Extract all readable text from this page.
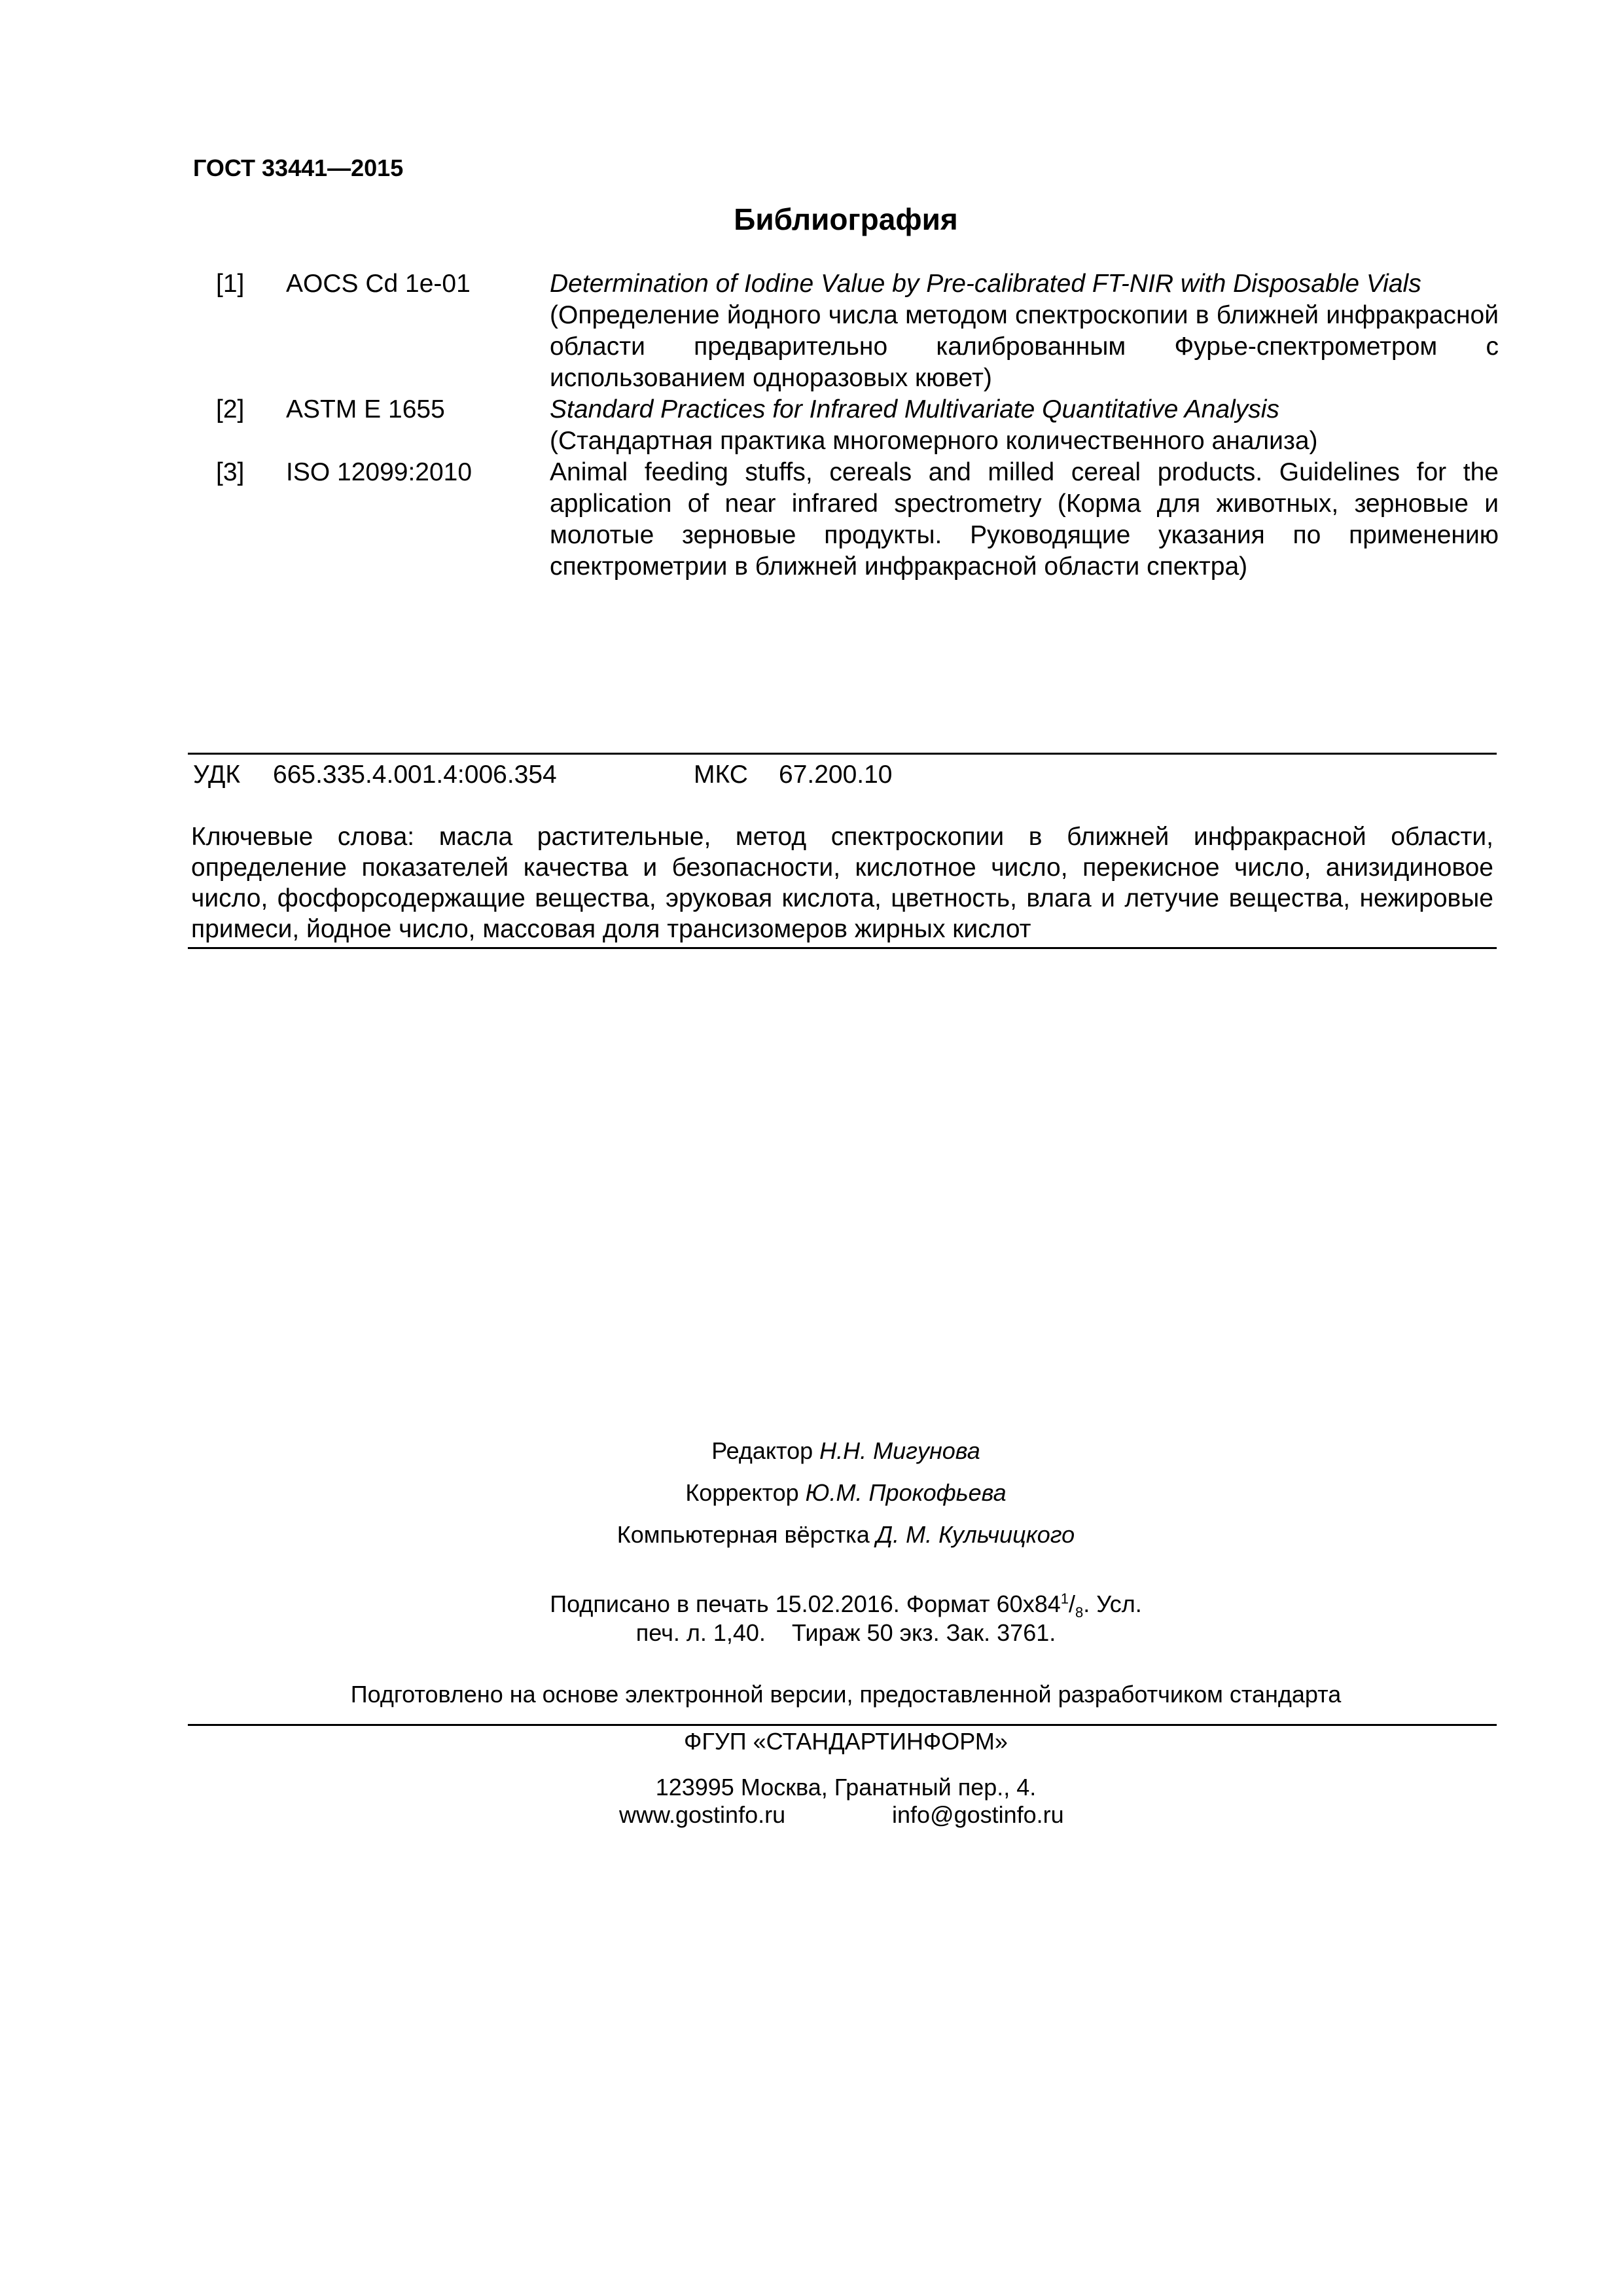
ГОСТ 33441—2015
Библиография
[1] AOCS Cd 1e-01	Determination of Iodine Value by Pre-calibrated FT-NIR with Disposable Vials
(Определение йодного числа методом спектроскопии в ближней инфракрасной области предварительно калиброванным Фурье-спектрометром с использованием одноразовых кювет)
[2] ASTM E 1655	Standard Practices for Infrared Multivariate Quantitative Analysis
(Стандартная практика многомерного количественного анализа)
[3] ISO 12099:2010	Animal feeding stuffs, cereals and milled cereal products. Guidelines for the application of near infrared spectrometry (Корма для животных, зерновые и молотые зерновые продукты. Руководящие указания по применению спектрометрии в ближней инфракрасной области спектра)
УДК 665.335.4.001.4:006.354	МКС 67.200.10
Ключевые слова: масла растительные, метод спектроскопии в ближней инфракрасной области, определение показателей качества и безопасности, кислотное число, перекисное число, анизидиновое число, фосфорсодержащие вещества, эруковая кислота, цветность, влага и летучие вещества, нежировые примеси, йодное число, массовая доля трансизомеров жирных кислот
Редактор Н.Н. Мигунова
Корректор Ю.М. Прокофьева
Компьютерная вёрстка Д. М. Кульчицкого
Подписано в печать 15.02.2016. Формат $60x84^1/_8$. Усл.
печ. л. 1,40.    Тираж 50 экз. Зак. 3761.
Подготовлено на основе электронной версии, предоставленной разработчиком стандарта
ФГУП «СТАНДАРТИНФОРМ»
123995 Москва, Гранатный пер., 4.
www.gostinfo.ru	info@gostinfo.ru
